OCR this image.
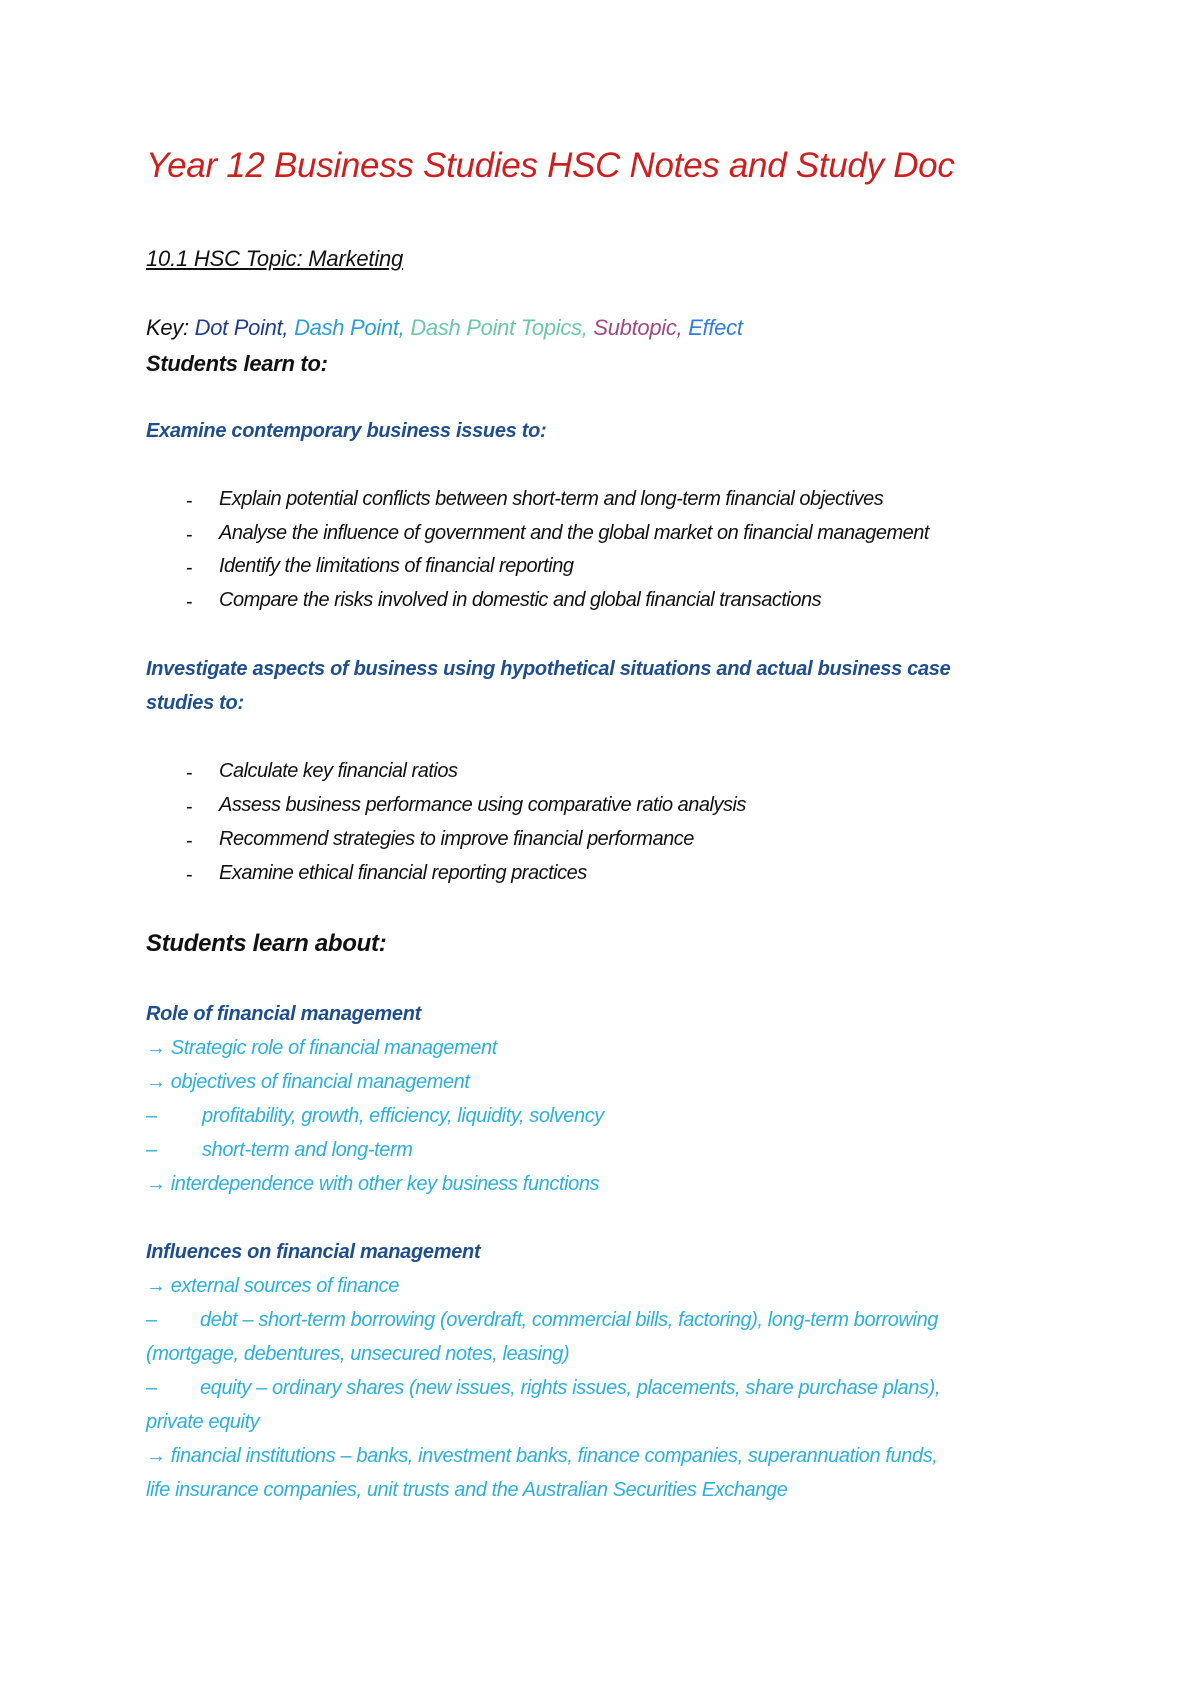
Year 12 Business Studies HSC Notes and Study Doc
10.1 HSC Topic: Marketing
Key: Dot Point, Dash Point, Dash Point Topics, Subtopic, Effect
Students learn to:
Examine contemporary business issues to:
- Explain potential conflicts between short-term and long-term financial objectives
- Analyse the influence of government and the global market on financial management
- Identify the limitations of financial reporting
- Compare the risks involved in domestic and global financial transactions
Investigate aspects of business using hypothetical situations and actual business case
studies to:
- Calculate key financial ratios
- Assess business performance using comparative ratio analysis
- Recommend strategies to improve financial performance
- Examine ethical financial reporting practices
Students learn about:
Role of financial management
→ Strategic role of financial management
→ objectives of financial management
– profitability, growth, efficiency, liquidity, solvency
– short-term and long-term
→ interdependence with other key business functions
Influences on financial management
→ external sources of finance
– debt – short-term borrowing (overdraft, commercial bills, factoring), long-term borrowing
(mortgage, debentures, unsecured notes, leasing)
– equity – ordinary shares (new issues, rights issues, placements, share purchase plans),
private equity
→ financial institutions – banks, investment banks, finance companies, superannuation funds,
life insurance companies, unit trusts and the Australian Securities Exchange
